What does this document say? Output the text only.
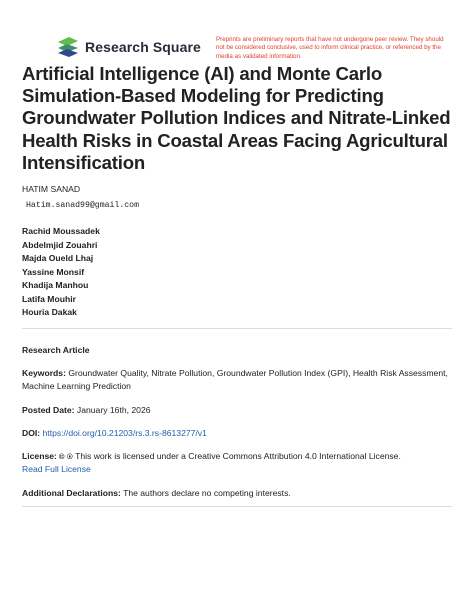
Research Square Preprints are preliminary reports that have not undergone peer review. They should not be considered conclusive, used to inform clinical practice, or referenced by the media as validated information.
Artificial Intelligence (AI) and Monte Carlo Simulation-Based Modeling for Predicting Groundwater Pollution Indices and Nitrate-Linked Health Risks in Coastal Areas Facing Agricultural Intensification
HATIM SANAD
Hatim.sanad99@gmail.com
Rachid Moussadek
Abdelmjid Zouahri
Majda Oueld Lhaj
Yassine Monsif
Khadija Manhou
Latifa Mouhir
Houria Dakak
Research Article
Keywords: Groundwater Quality, Nitrate Pollution, Groundwater Pollution Index (GPI), Health Risk Assessment, Machine Learning Prediction
Posted Date: January 16th, 2026
DOI: https://doi.org/10.21203/rs.3.rs-8613277/v1
License: 🅭 🅯 This work is licensed under a Creative Commons Attribution 4.0 International License.
Read Full License
Additional Declarations: The authors declare no competing interests.
